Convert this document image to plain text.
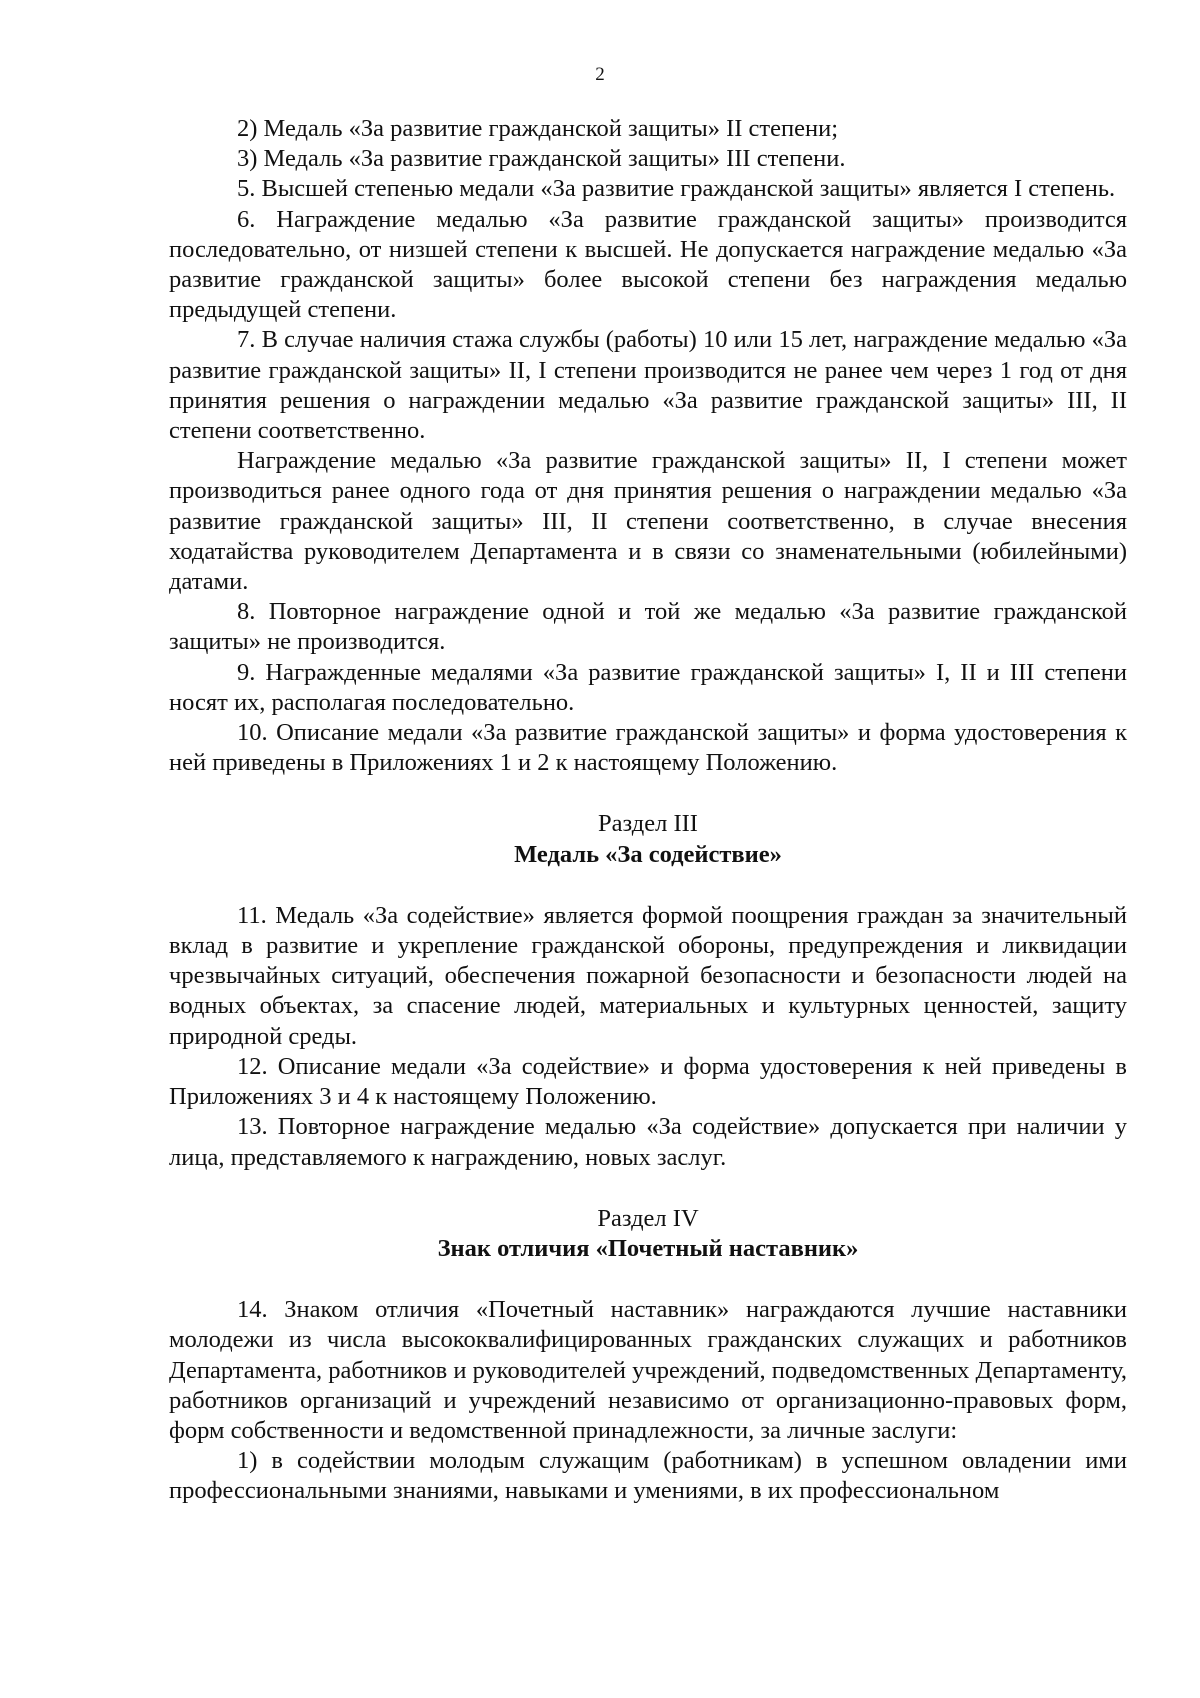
2

2) Медаль «За развитие гражданской защиты» II степени;

3) Медаль «За развитие гражданской защиты» III степени.

5. Высшей степенью медали «За развитие гражданской защиты» является I степень.

6. Награждение медалью «За развитие гражданской защиты» производится последовательно, от низшей степени к высшей. Не допускается награждение медалью «За развитие гражданской защиты» более высокой степени без награждения медалью предыдущей степени.

7. В случае наличия стажа службы (работы) 10 или 15 лет, награждение медалью «За развитие гражданской защиты» II, I степени производится не ранее чем через 1 год от дня принятия решения о награждении медалью «За развитие гражданской защиты» III, II степени соответственно.

Награждение медалью «За развитие гражданской защиты» II, I степени может производиться ранее одного года от дня принятия решения о награждении медалью «За развитие гражданской защиты» III, II степени соответственно, в случае внесения ходатайства руководителем Департамента и в связи со знаменательными (юбилейными) датами.

8. Повторное награждение одной и той же медалью «За развитие гражданской защиты» не производится.

9. Награжденные медалями «За развитие гражданской защиты» I, II и III степени носят их, располагая последовательно.

10. Описание медали «За развитие гражданской защиты» и форма удостоверения к ней приведены в Приложениях 1 и 2 к настоящему Положению.

Раздел III

Медаль «За содействие»

11. Медаль «За содействие» является формой поощрения граждан за значительный вклад в развитие и укрепление гражданской обороны, предупреждения и ликвидации чрезвычайных ситуаций, обеспечения пожарной безопасности и безопасности людей на водных объектах, за спасение людей, материальных и культурных ценностей, защиту природной среды.

12. Описание медали «За содействие» и форма удостоверения к ней приведены в Приложениях 3 и 4 к настоящему Положению.

13. Повторное награждение медалью «За содействие» допускается при наличии у лица, представляемого к награждению, новых заслуг.

Раздел IV

Знак отличия «Почетный наставник»

14. Знаком отличия «Почетный наставник» награждаются лучшие наставники молодежи из числа высококвалифицированных гражданских служащих и работников Департамента, работников и руководителей учреждений, подведомственных Департаменту, работников организаций и учреждений независимо от организационно-правовых форм, форм собственности и ведомственной принадлежности, за личные заслуги:

1) в содействии молодым служащим (работникам) в успешном овладении ими профессиональными знаниями, навыками и умениями, в их профессиональном
